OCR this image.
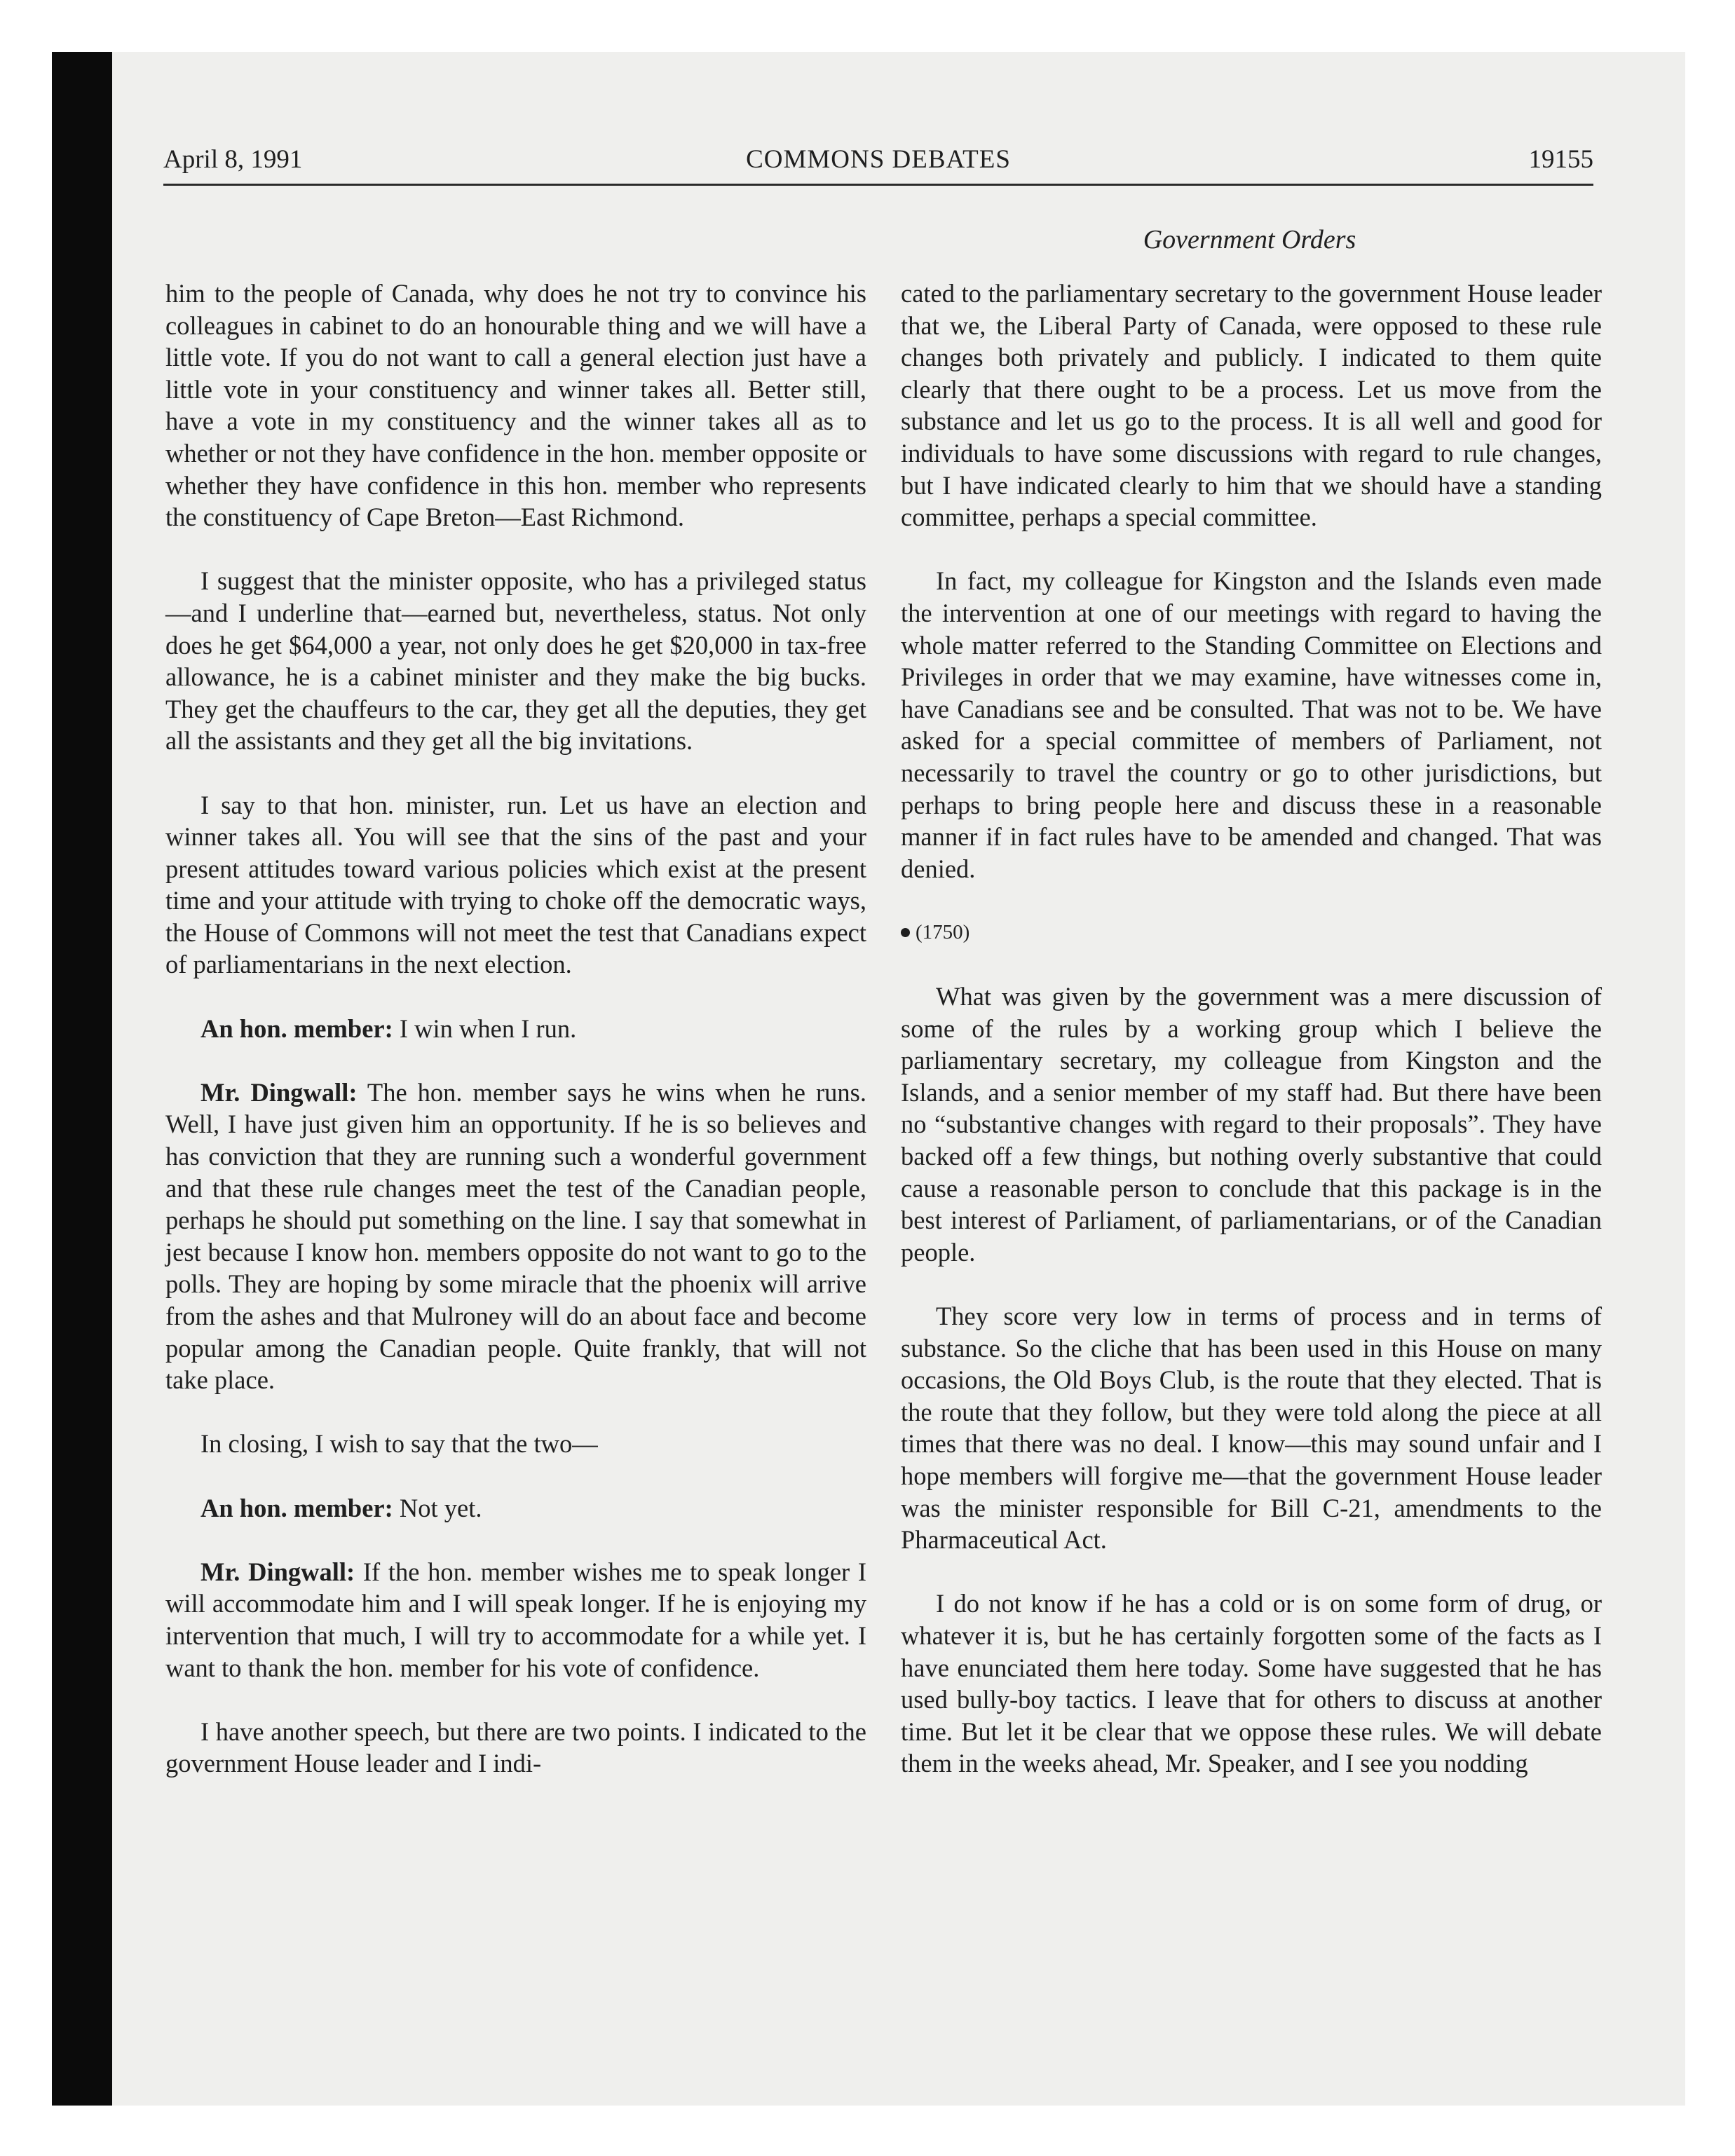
April 8, 1991	COMMONS DEBATES	19155
Government Orders

him to the people of Canada, why does he not try to convince his colleagues in cabinet to do an honourable thing and we will have a little vote. If you do not want to call a general election just have a little vote in your constituency and winner takes all. Better still, have a vote in my constituency and the winner takes all as to whether or not they have confidence in the hon. member opposite or whether they have confidence in this hon. member who represents the constituency of Cape Breton—East Richmond.

I suggest that the minister opposite, who has a privileged status—and I underline that—earned but, nevertheless, status. Not only does he get $64,000 a year, not only does he get $20,000 in tax-free allowance, he is a cabinet minister and they make the big bucks. They get the chauffeurs to the car, they get all the deputies, they get all the assistants and they get all the big invitations.

I say to that hon. minister, run. Let us have an election and winner takes all. You will see that the sins of the past and your present attitudes toward various policies which exist at the present time and your attitude with trying to choke off the democratic ways, the House of Commons will not meet the test that Canadians expect of parliamentarians in the next election.

An hon. member: I win when I run.

Mr. Dingwall: The hon. member says he wins when he runs. Well, I have just given him an opportunity. If he is so believes and has conviction that they are running such a wonderful government and that these rule changes meet the test of the Canadian people, perhaps he should put something on the line. I say that somewhat in jest because I know hon. members opposite do not want to go to the polls. They are hoping by some miracle that the phoenix will arrive from the ashes and that Mulroney will do an about face and become popular among the Canadian people. Quite frankly, that will not take place.

In closing, I wish to say that the two—

An hon. member: Not yet.

Mr. Dingwall: If the hon. member wishes me to speak longer I will accommodate him and I will speak longer. If he is enjoying my intervention that much, I will try to accommodate for a while yet. I want to thank the hon. member for his vote of confidence.

I have another speech, but there are two points. I indicated to the government House leader and I indi-

cated to the parliamentary secretary to the government House leader that we, the Liberal Party of Canada, were opposed to these rule changes both privately and publicly. I indicated to them quite clearly that there ought to be a process. Let us move from the substance and let us go to the process. It is all well and good for individuals to have some discussions with regard to rule changes, but I have indicated clearly to him that we should have a standing committee, perhaps a special committee.

In fact, my colleague for Kingston and the Islands even made the intervention at one of our meetings with regard to having the whole matter referred to the Standing Committee on Elections and Privileges in order that we may examine, have witnesses come in, have Canadians see and be consulted. That was not to be. We have asked for a special committee of members of Parliament, not necessarily to travel the country or go to other jurisdictions, but perhaps to bring people here and discuss these in a reasonable manner if in fact rules have to be amended and changed. That was denied.

(1750)

What was given by the government was a mere discussion of some of the rules by a working group which I believe the parliamentary secretary, my colleague from Kingston and the Islands, and a senior member of my staff had. But there have been no “substantive changes with regard to their proposals”. They have backed off a few things, but nothing overly substantive that could cause a reasonable person to conclude that this package is in the best interest of Parliament, of parliamentarians, or of the Canadian people.

They score very low in terms of process and in terms of substance. So the cliche that has been used in this House on many occasions, the Old Boys Club, is the route that they elected. That is the route that they follow, but they were told along the piece at all times that there was no deal. I know—this may sound unfair and I hope members will forgive me—that the government House leader was the minister responsible for Bill C-21, amendments to the Pharmaceutical Act.

I do not know if he has a cold or is on some form of drug, or whatever it is, but he has certainly forgotten some of the facts as I have enunciated them here today. Some have suggested that he has used bully-boy tactics. I leave that for others to discuss at another time. But let it be clear that we oppose these rules. We will debate them in the weeks ahead, Mr. Speaker, and I see you nodding
